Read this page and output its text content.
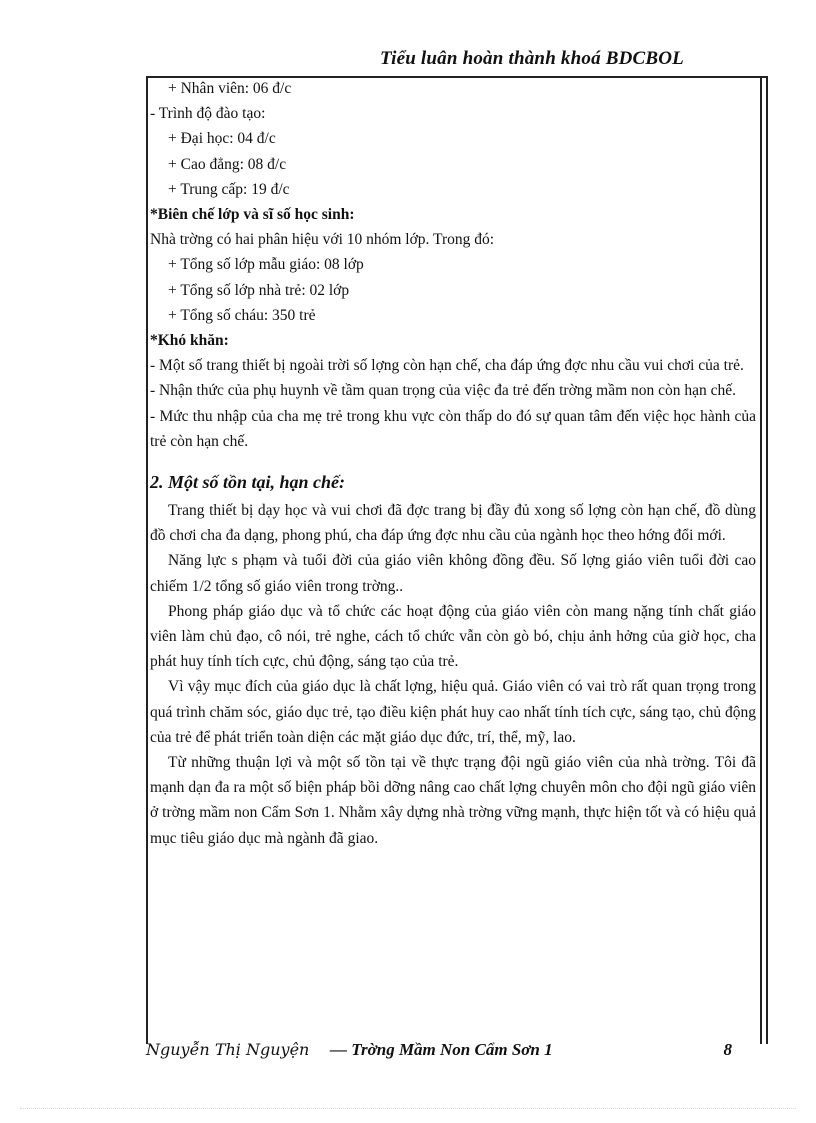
Tiểu luân hoàn thành khoá BDCBOL

+ Nhân viên: 06 đ/c

- Trình độ đào tạo:

+ Đại học: 04 đ/c

+ Cao đẳng: 08 đ/c

+ Trung cấp: 19 đ/c

*Biên chế lớp và sĩ số học sinh:

Nhà trờng có hai phân hiệu với 10 nhóm lớp. Trong đó:

+ Tổng số lớp mẫu giáo: 08 lớp

+ Tổng số lớp nhà trẻ: 02 lớp

+ Tổng số cháu: 350 trẻ

*Khó khăn:

- Một số trang thiết bị ngoài trời số lợng còn hạn chế, cha đáp ứng đợc nhu cầu vui chơi của trẻ.

- Nhận thức của phụ huynh về tầm quan trọng của việc đa trẻ đến trờng mầm non còn hạn chế.

- Mức thu nhập của cha mẹ trẻ trong khu vực còn thấp do đó sự quan tâm đến việc học hành của trẻ còn hạn chế.

2. Một số tồn tại, hạn chế:

Trang thiết bị dạy học và vui chơi đã đợc trang bị đầy đủ xong số lợng còn hạn chế, đồ dùng đồ chơi cha đa dạng, phong phú, cha đáp ứng đợc nhu cầu của ngành học theo hớng đổi mới.

Năng lực s phạm và tuổi đời của giáo viên không đồng đều. Số lợng giáo viên tuổi đời cao chiếm 1/2 tổng số giáo viên trong trờng..

Phong pháp giáo dục và tổ chức các hoạt động của giáo viên còn mang nặng tính chất giáo viên làm chủ đạo, cô nói, trẻ nghe, cách tổ chức vẫn còn gò bó, chịu ảnh hởng của giờ học, cha phát huy tính tích cực, chủ động, sáng tạo của trẻ.

Vì vậy mục đích của giáo dục là chất lợng, hiệu quả. Giáo viên có vai trò rất quan trọng trong quá trình chăm sóc, giáo dục trẻ, tạo điều kiện phát huy cao nhất tính tích cực, sáng tạo, chủ động của trẻ để phát triển toàn diện các mặt giáo dục đức, trí, thể, mỹ, lao.

Từ những thuận lợi và một số tồn tại về thực trạng đội ngũ giáo viên của nhà trờng. Tôi đã mạnh dạn đa ra một số biện pháp bồi dỡng nâng cao chất lợng chuyên môn cho đội ngũ giáo viên ở trờng mầm non Cẩm Sơn 1. Nhằm xây dựng nhà trờng vững mạnh, thực hiện tốt và có hiệu quả mục tiêu giáo dục mà ngành đã giao.

Nguyễn Thị Nguyện — Trờng Mầm Non Cẩm Sơn 1	8
